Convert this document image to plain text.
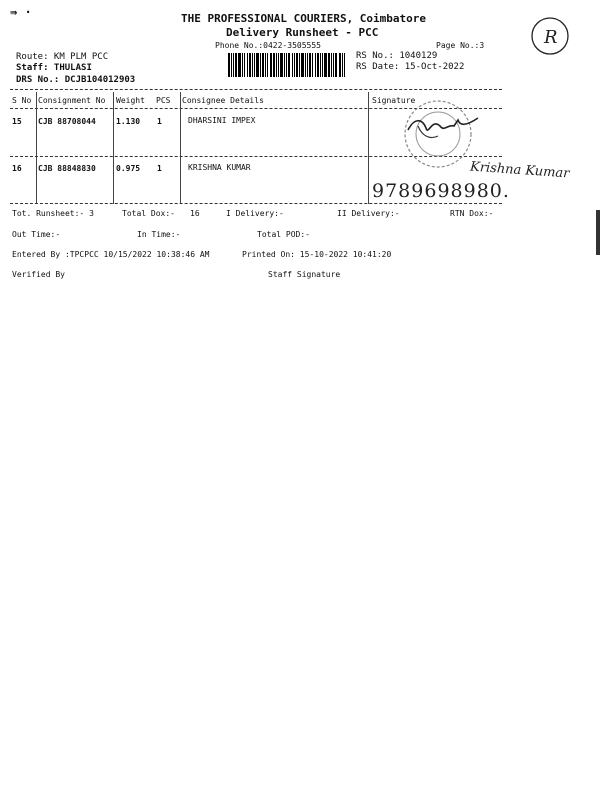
⇛ ·	THE PROFESSIONAL COURIERS, Coimbatore
Delivery Runsheet - PCC
Phone No.:0422-3505555	Page No.:3	R
Route: KM PLM PCC
Staff: THULASI
DRS No.: DCJB104012903
RS No.: 1040129
RS Date: 15-Oct-2022
S No Consignment No Weight PCS Consignee Details	Signature
15 CJB 88708044	1.130 1	DHARSINI IMPEX
16 CJB 88848830	0.975 1	KRISHNA KUMAR	Krishna Kumar
9789698980.
Tot. Runsheet:- 3	Total Dox:- 16	I Delivery:-	II Delivery:-	RTN Dox:-
Out Time:-	In Time:-	Total POD:-
Entered By :TPCPCC 10/15/2022 10:38:46 AM	Printed On: 15-10-2022 10:41:20
Verified By	Staff Signature
